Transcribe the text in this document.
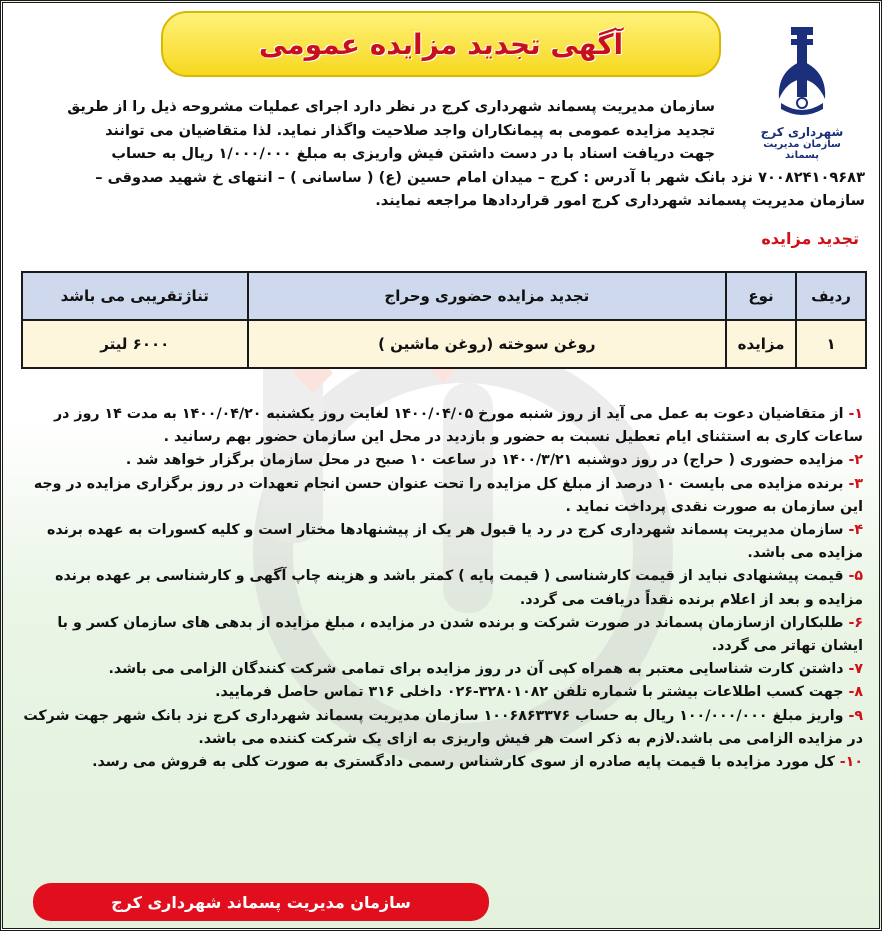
آگهی تجدید مزایده عمومی
شهرداری کرج
سازمان مدیریت پسماند
سازمان مدیریت پسماند شهرداری کرج در نظر دارد اجرای عملیات مشروحه ذیل را از طریق
تجدید مزایده عمومی به پیمانکاران واجد صلاحیت واگذار نماید. لذا متقاضیان می توانند
جهت دریافت اسناد با در دست داشتن فیش واریزی به مبلغ ۱/۰۰۰/۰۰۰ ریال به حساب
۷۰۰۸۲۴۱۰۹۶۸۳ نزد بانک شهر با آدرس : کرج – میدان امام حسین (ع) ( ساسانی ) – انتهای خ شهید صدوقی –
سازمان مدیریت پسماند شهرداری کرج امور قراردادها مراجعه نمایند.
تجدید مزایده
ردیف	نوع	تجدید مزایده حضوری وحراج	تناژتقریبی می باشد
۱	مزایده	روغن سوخته (روغن ماشین )	۶۰۰۰ لیتر
۱- از متقاضیان دعوت به عمل می آید از روز شنبه مورخ ۱۴۰۰/۰۴/۰۵ لغایت روز یکشنبه ۱۴۰۰/۰۴/۲۰ به مدت ۱۴ روز در ساعات کاری به استثنای ایام تعطیل نسبت به حضور و بازدید در محل این سازمان حضور بهم رسانید .
۲- مزایده حضوری ( حراج) در روز دوشنبه ۱۴۰۰/۳/۲۱ در ساعت ۱۰ صبح در محل سازمان برگزار خواهد شد .
۳- برنده مزایده می بایست ۱۰ درصد از مبلغ کل مزایده را تحت عنوان حسن انجام تعهدات در روز برگزاری مزایده در وجه این سازمان به صورت نقدی پرداخت نماید .
۴- سازمان مدیریت پسماند شهرداری کرج در رد یا قبول هر یک از پیشنهادها مختار است و کلیه کسورات به عهده برنده مزایده می باشد.
۵- قیمت پیشنهادی نباید از قیمت کارشناسی ( قیمت پایه ) کمتر باشد و هزینه چاپ آگهی و کارشناسی بر عهده برنده مزایده و بعد از اعلام برنده نقداً دریافت می گردد.
۶- طلبکاران ازسازمان پسماند در صورت شرکت و برنده شدن در مزایده ، مبلغ مزایده از بدهی های سازمان کسر و با ایشان تهاتر می گردد.
۷- داشتن کارت شناسایی معتبر به همراه کپی آن در روز مزایده برای تمامی شرکت کنندگان الزامی می باشد.
۸- جهت کسب اطلاعات بیشتر با شماره تلفن ۳۲۸۰۱۰۸۲-۰۲۶ داخلی ۳۱۶ تماس حاصل فرمایید.
۹- واریز مبلغ ۱۰۰/۰۰۰/۰۰۰ ریال به حساب ۱۰۰۶۸۶۳۳۷۶ سازمان مدیریت پسماند شهرداری کرج نزد بانک شهر جهت شرکت در مزایده الزامی می باشد.لازم به ذکر است هر فیش واریزی به ازای یک شرکت کننده می باشد.
۱۰- کل مورد مزایده با قیمت پایه صادره از سوی کارشناس رسمی دادگستری به صورت کلی به فروش می رسد.
سازمان مدیریت پسماند شهرداری کرج
